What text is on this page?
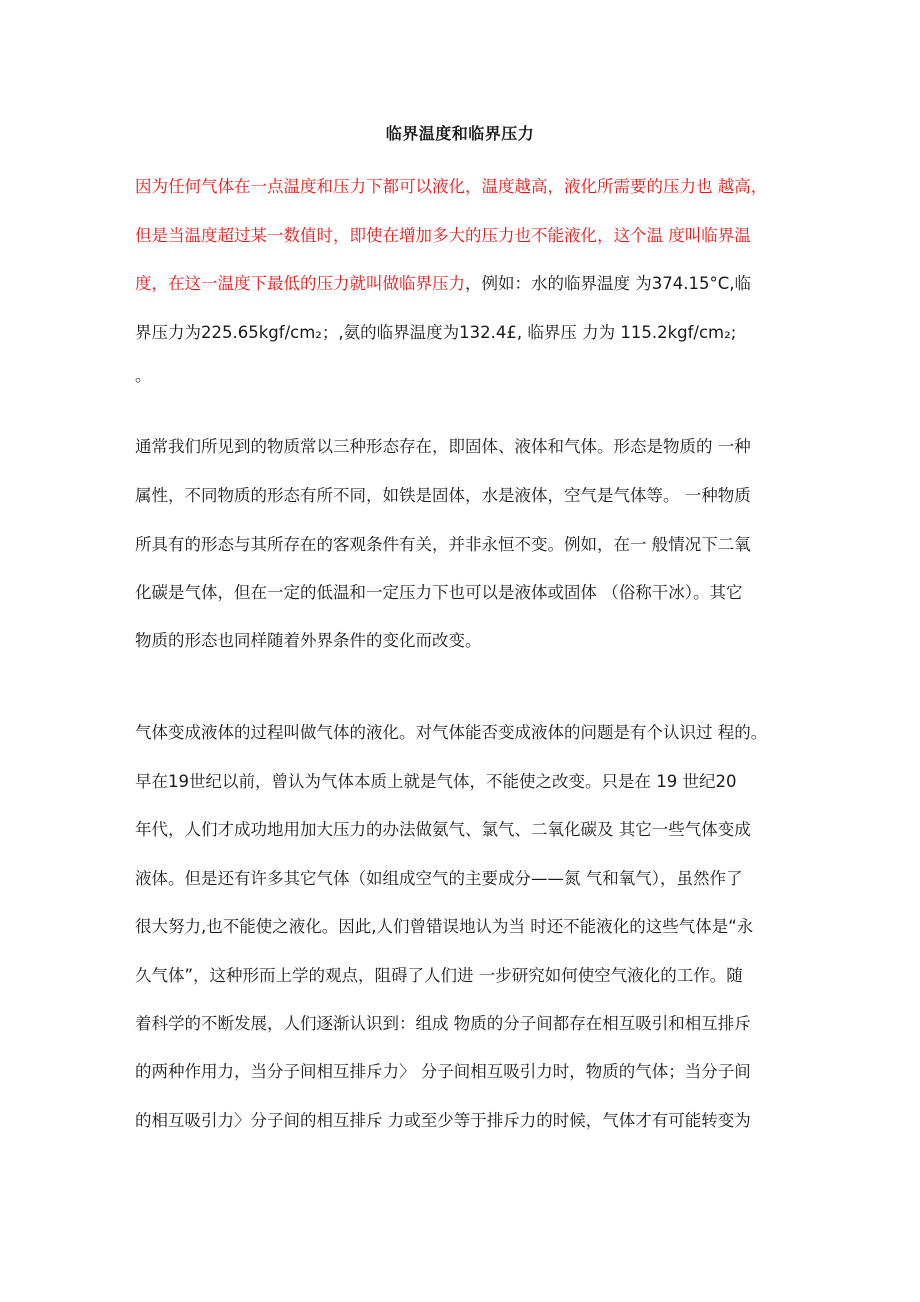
临界温度和临界压力
因为任何气体在一点温度和压力下都可以液化，温度越高，液化所需要的压力也 越高，
但是当温度超过某一数值时，即使在增加多大的压力也不能液化，这个温 度叫临界温
度，在这一温度下最低的压力就叫做临界压力，例如：水的临界温度 为374.15°C,临
界压力为225.65kgf/cm₂；,氨的临界温度为132.4£, 临界压 力为 115.2kgf/cm₂;
。
通常我们所见到的物质常以三种形态存在，即固体、液体和气体。形态是物质的 一种
属性，不同物质的形态有所不同，如铁是固体，水是液体，空气是气体等。 一种物质
所具有的形态与其所存在的客观条件有关，并非永恒不变。例如，在一 般情况下二氧
化碳是气体，但在一定的低温和一定压力下也可以是液体或固体 （俗称干冰）。其它
物质的形态也同样随着外界条件的变化而改变。
气体变成液体的过程叫做气体的液化。对气体能否变成液体的问题是有个认识过 程的。
早在19世纪以前，曾认为气体本质上就是气体，不能使之改变。只是在 19 世纪20
年代，人们才成功地用加大压力的办法做氨气、氯气、二氧化碳及 其它一些气体变成
液体。但是还有许多其它气体（如组成空气的主要成分——氮 气和氧气），虽然作了
很大努力,也不能使之液化。因此,人们曾错误地认为当 时还不能液化的这些气体是“永
久气体”，这种形而上学的观点，阻碍了人们进 一步研究如何使空气液化的工作。随
着科学的不断发展，人们逐渐认识到：组成 物质的分子间都存在相互吸引和相互排斥
的两种作用力，当分子间相互排斥力〉 分子间相互吸引力时，物质的气体；当分子间
的相互吸引力〉分子间的相互排斥 力或至少等于排斥力的时候，气体才有可能转变为
